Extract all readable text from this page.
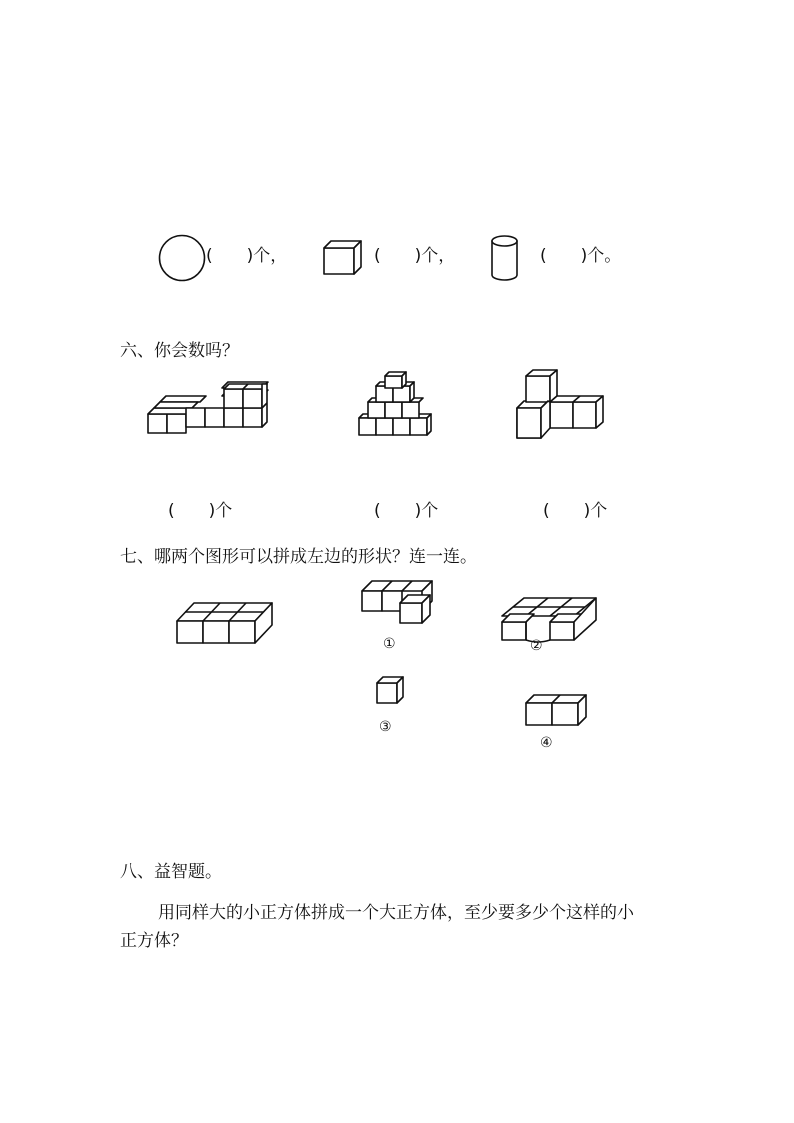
(　　)个，	(　　)个，	(　　)个。
六、你会数吗？
(　　)个	(　　)个	(　　)个
七、哪两个图形可以拼成左边的形状？连一连。
①	②
③
④
八、益智题。
用同样大的小正方体拼成一个大正方体，至少要多少个这样的小
正方体？
